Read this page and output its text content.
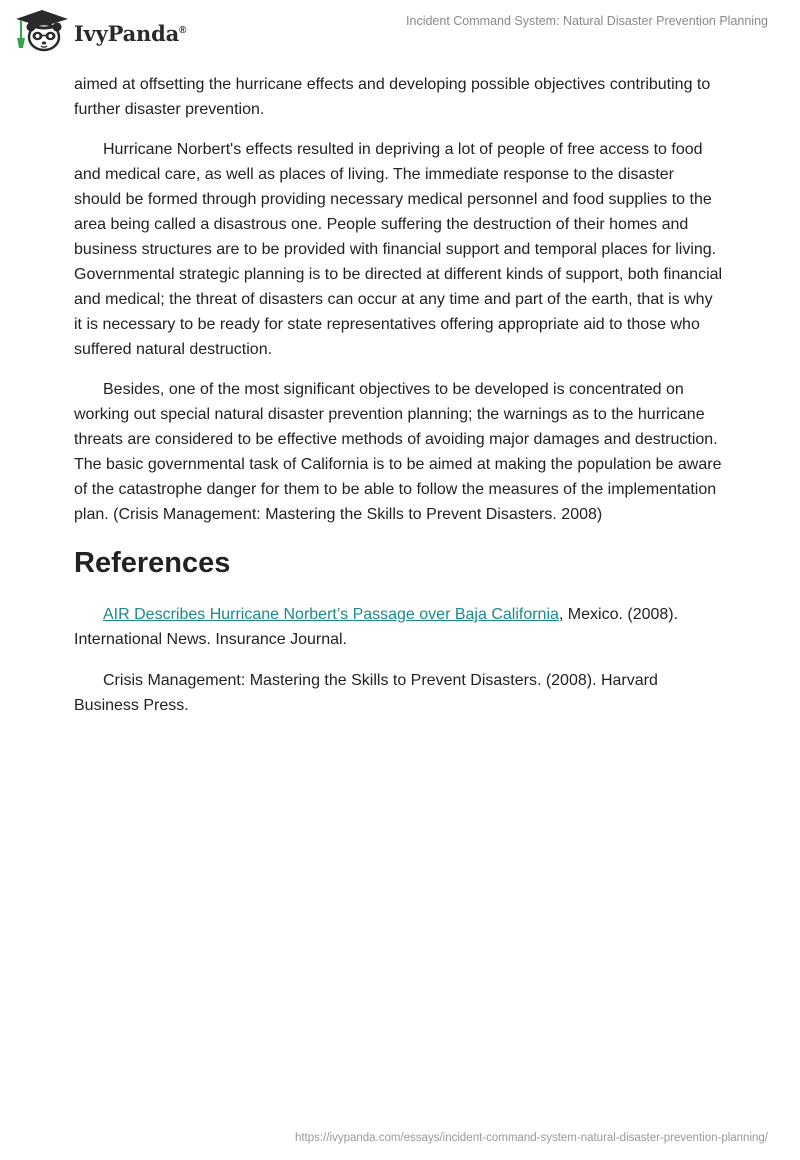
IvyPanda®
Incident Command System: Natural Disaster Prevention Planning

aimed at offsetting the hurricane effects and developing possible objectives contributing to further disaster prevention.

Hurricane Norbert's effects resulted in depriving a lot of people of free access to food and medical care, as well as places of living. The immediate response to the disaster should be formed through providing necessary medical personnel and food supplies to the area being called a disastrous one. People suffering the destruction of their homes and business structures are to be provided with financial support and temporal places for living. Governmental strategic planning is to be directed at different kinds of support, both financial and medical; the threat of disasters can occur at any time and part of the earth, that is why it is necessary to be ready for state representatives offering appropriate aid to those who suffered natural destruction.

Besides, one of the most significant objectives to be developed is concentrated on working out special natural disaster prevention planning; the warnings as to the hurricane threats are considered to be effective methods of avoiding major damages and destruction. The basic governmental task of California is to be aimed at making the population be aware of the catastrophe danger for them to be able to follow the measures of the implementation plan. (Crisis Management: Mastering the Skills to Prevent Disasters. 2008)

References

AIR Describes Hurricane Norbert’s Passage over Baja California, Mexico. (2008). International News. Insurance Journal.

Crisis Management: Mastering the Skills to Prevent Disasters. (2008). Harvard Business Press.

https://ivypanda.com/essays/incident-command-system-natural-disaster-prevention-planning/
